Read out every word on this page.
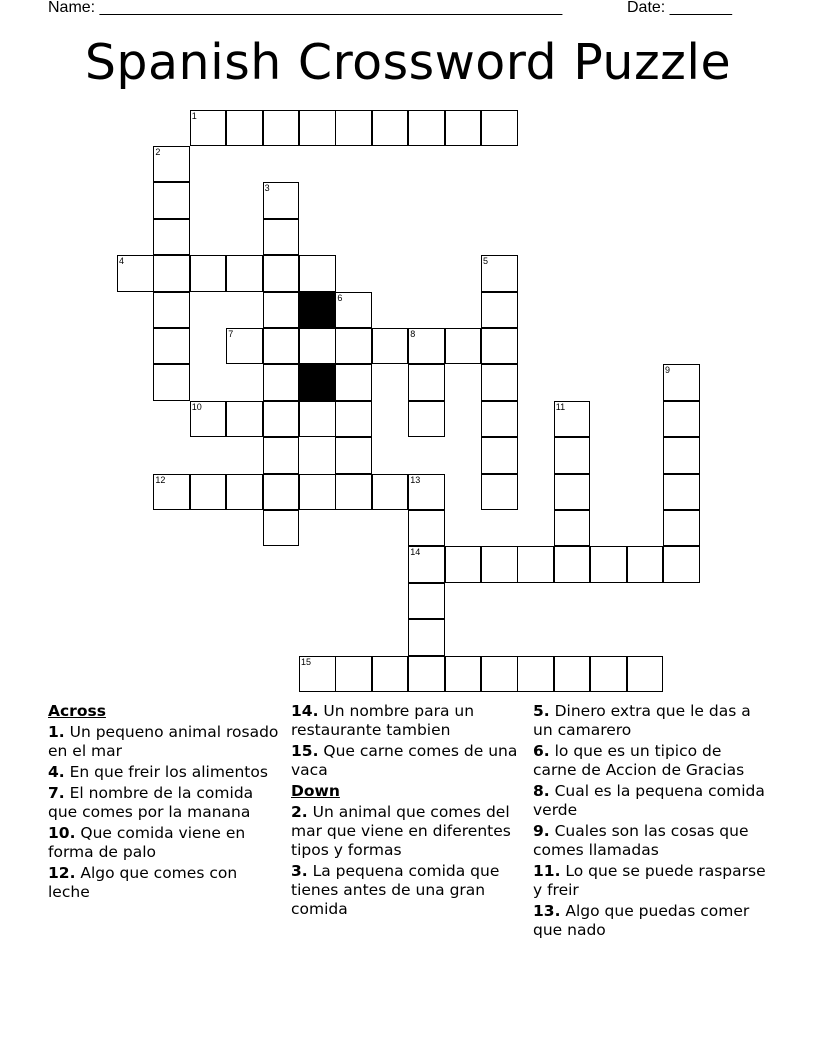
Name: ____________________________________________________	Date: _______
Spanish Crossword Puzzle
1
2
3
4	5
6
7	8
9
10	11
12	13
14
15

Across

1. Un pequeno animal rosado en el mar

4. En que freir los alimentos

7. El nombre de la comida que comes por la manana

10. Que comida viene en forma de palo

12. Algo que comes con leche

14. Un nombre para un restaurante tambien

15. Que carne comes de una vaca

Down

2. Un animal que comes del mar que viene en diferentes tipos y formas

3. La pequena comida que tienes antes de una gran comida

5. Dinero extra que le das a un camarero

6. lo que es un tipico de carne de Accion de Gracias

8. Cual es la pequena comida verde

9. Cuales son las cosas que comes llamadas

11. Lo que se puede rasparse y freir

13. Algo que puedas comer que nado
